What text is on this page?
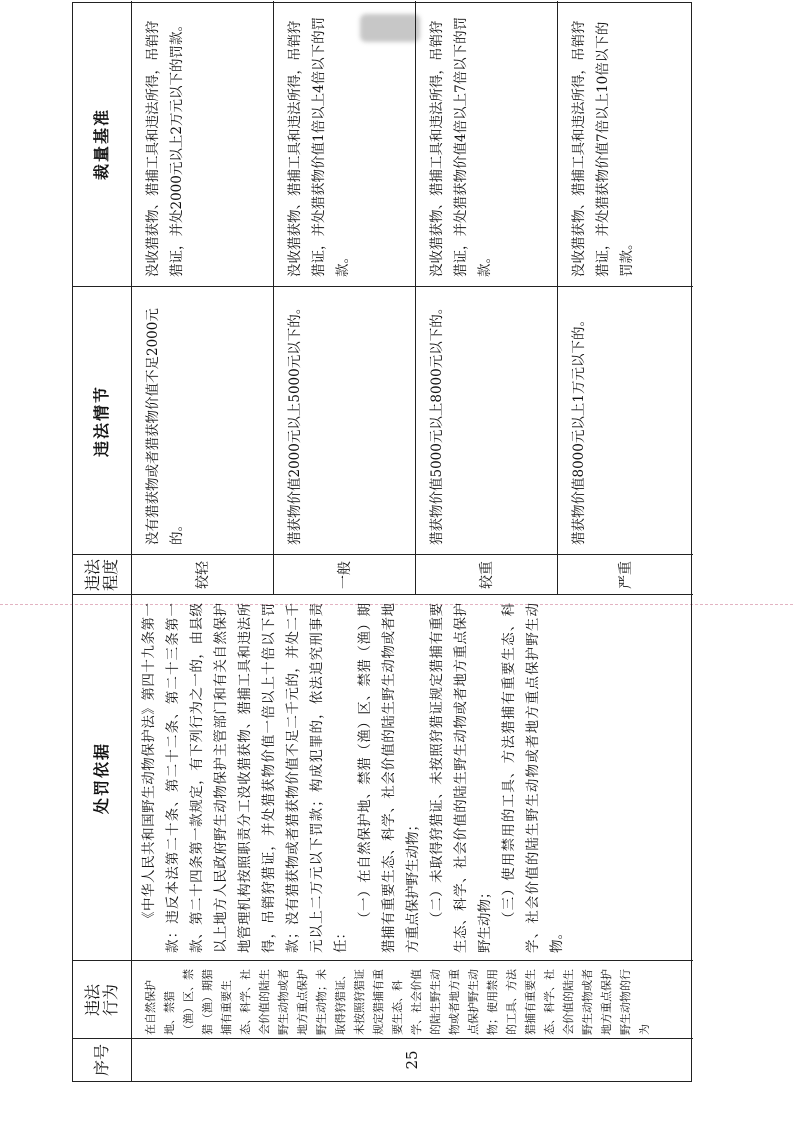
序号
违法行为
处罚依据
违法程度
违法情节
裁量基准
25
在自然保护地、禁猎（渔）区、禁猎（渔）期猎捕有重要生态、科学、社会价值的陆生野生动物或者地方重点保护野生动物；未取得狩猎证、未按照狩猎证规定猎捕有重要生态、科学、社会价值的陆生野生动物或者地方重点保护野生动物；使用禁用的工具、方法猎捕有重要生态、科学、社会价值的陆生野生动物或者地方重点保护野生动物的行为

《中华人民共和国野生动物保护法》第四十九条第一款：违反本法第二十条、第二十二条、第二十三条第一款、第二十四条第一款规定，有下列行为之一的，由县级以上地方人民政府野生动物保护主管部门和有关自然保护地管理机构按照职责分工没收猎获物、猎捕工具和违法所得，吊销狩猎证，并处猎获物价值一倍以上十倍以下罚款；没有猎获物或者猎获物价值不足二千元的，并处二千元以上二万元以下罚款；构成犯罪的，依法追究刑事责任：

（一）在自然保护地、禁猎（渔）区、禁猎（渔）期猎捕有重要生态、科学、社会价值的陆生野生动物或者地方重点保护野生动物； （二）未取得狩猎证、未按照狩猎证规定猎捕有重要生态、科学、社会价值的陆生野生动物或者地方重点保护野生动物； （三）使用禁用的工具、方法猎捕有重要生态、科学、社会价值的陆生野生动物或者地方重点保护野生动物。

较轻
没有猎获物或者猎获物价值不足2000元的。
没收猎获物、猎捕工具和违法所得，吊销狩猎证，并处2000元以上2万元以下的罚款。
一般
猎获物价值2000元以上5000元以下的。
没收猎获物、猎捕工具和违法所得，吊销狩猎证，并处猎获物价值1倍以上4倍以下的罚款。
较重
猎获物价值5000元以上8000元以下的。
没收猎获物、猎捕工具和违法所得，吊销狩猎证，并处猎获物价值4倍以上7倍以下的罚款。
严重
猎获物价值8000元以上1万元以下的。
没收猎获物、猎捕工具和违法所得，吊销狩猎证，并处猎获物价值7倍以上10倍以下的罚款。
